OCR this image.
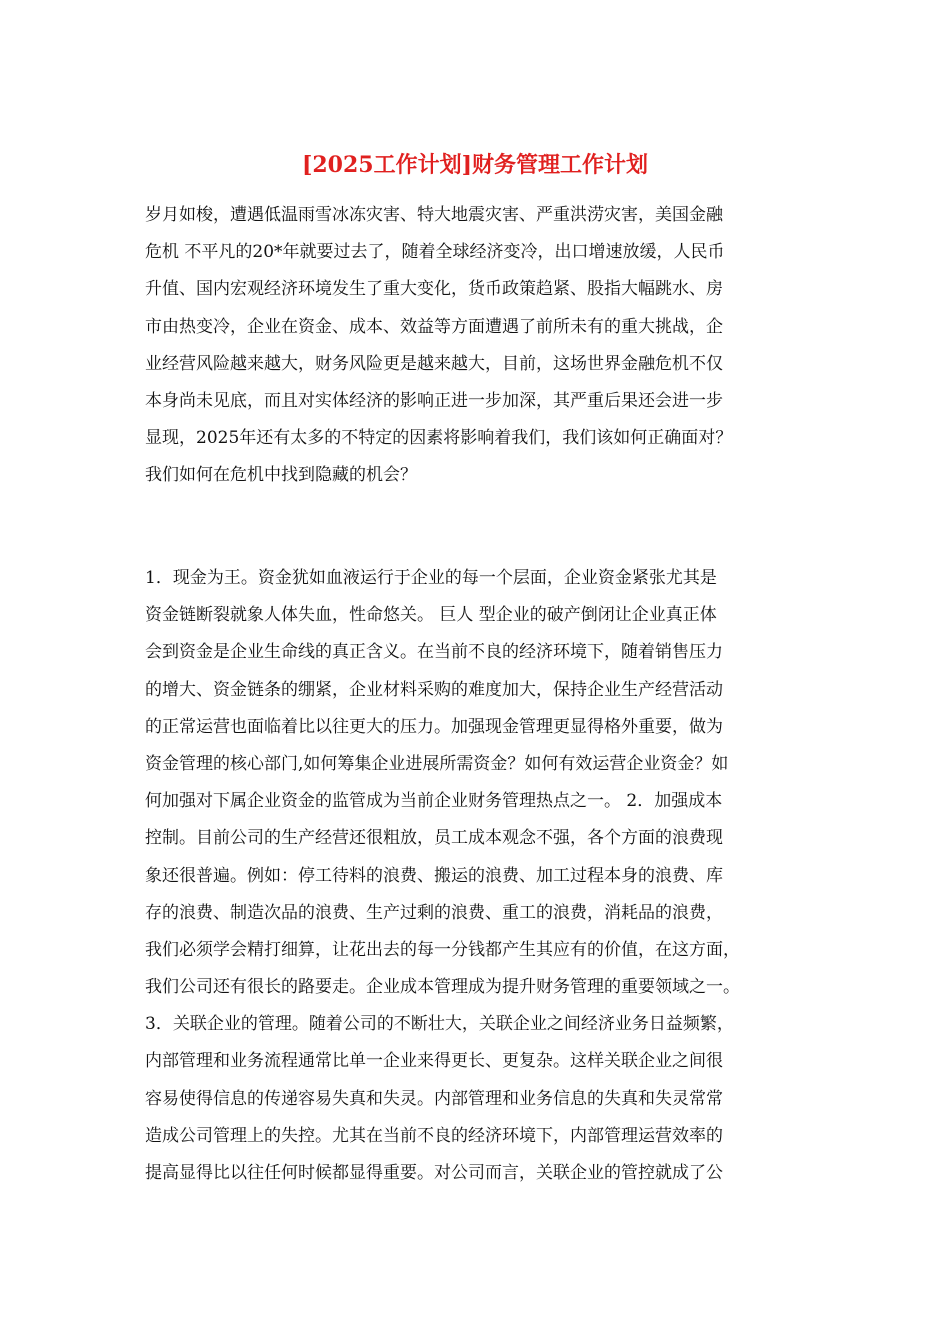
[2025工作计划]财务管理工作计划
岁月如梭，遭遇低温雨雪冰冻灾害、特大地震灾害、严重洪涝灾害，美国金融
危机 不平凡的20*年就要过去了，随着全球经济变冷，出口增速放缓，人民币
升值、国内宏观经济环境发生了重大变化，货币政策趋紧、股指大幅跳水、房
市由热变冷，企业在资金、成本、效益等方面遭遇了前所未有的重大挑战，企
业经营风险越来越大，财务风险更是越来越大，目前，这场世界金融危机不仅
本身尚未见底，而且对实体经济的影响正进一步加深，其严重后果还会进一步
显现，2025年还有太多的不特定的因素将影响着我们，我们该如何正确面对？
我们如何在危机中找到隐藏的机会？
1．现金为王。资金犹如血液运行于企业的每一个层面，企业资金紧张尤其是
资金链断裂就象人体失血，性命悠关。 巨人 型企业的破产倒闭让企业真正体
会到资金是企业生命线的真正含义。在当前不良的经济环境下，随着销售压力
的增大、资金链条的绷紧，企业材料采购的难度加大，保持企业生产经营活动
的正常运营也面临着比以往更大的压力。加强现金管理更显得格外重要，做为
资金管理的核心部门,如何筹集企业进展所需资金？如何有效运营企业资金？如
何加强对下属企业资金的监管成为当前企业财务管理热点之一。 2．加强成本
控制。目前公司的生产经营还很粗放，员工成本观念不强，各个方面的浪费现
象还很普遍。例如：停工待料的浪费、搬运的浪费、加工过程本身的浪费、库
存的浪费、制造次品的浪费、生产过剩的浪费、重工的浪费，消耗品的浪费，
我们必须学会精打细算，让花出去的每一分钱都产生其应有的价值，在这方面，
我们公司还有很长的路要走。企业成本管理成为提升财务管理的重要领域之一。
3．关联企业的管理。随着公司的不断壮大，关联企业之间经济业务日益频繁，
内部管理和业务流程通常比单一企业来得更长、更复杂。这样关联企业之间很
容易使得信息的传递容易失真和失灵。内部管理和业务信息的失真和失灵常常
造成公司管理上的失控。尤其在当前不良的经济环境下，内部管理运营效率的
提高显得比以往任何时候都显得重要。对公司而言，关联企业的管控就成了公
